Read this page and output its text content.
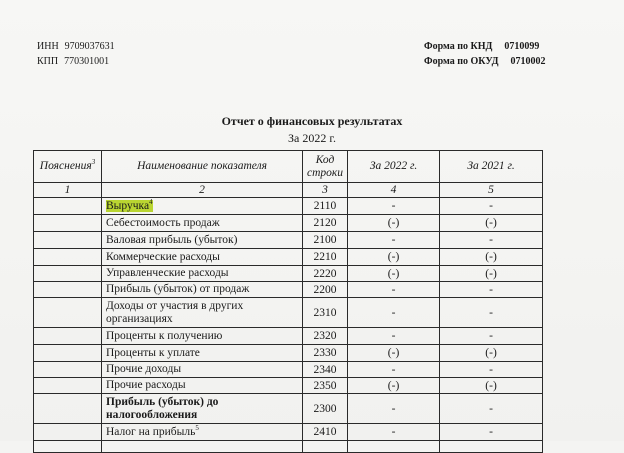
ИНН 9709037631
КПП 770301001
Форма по КНД 0710099
Форма по ОКУД 0710002
Отчет о финансовых результатах
За 2022 г.
Пояснения$^3$	Наименование показателя	Код строки	За 2022 г.	За 2021 г.
1	2	3	4	5
	Выручка$^4$	2110	-	-
	Себестоимость продаж	2120	(-)	(-)
	Валовая прибыль (убыток)	2100	-	-
	Коммерческие расходы	2210	(-)	(-)
	Управленческие расходы	2220	(-)	(-)
	Прибыль (убыток) от продаж	2200	-	-
	Доходы от участия в других организациях	2310	-	-
	Проценты к получению	2320	-	-
	Проценты к уплате	2330	(-)	(-)
	Прочие доходы	2340	-	-
	Прочие расходы	2350	(-)	(-)
	Прибыль (убыток) до налогообложения	2300	-	-
	Налог на прибыль$^5$	2410	-	-
